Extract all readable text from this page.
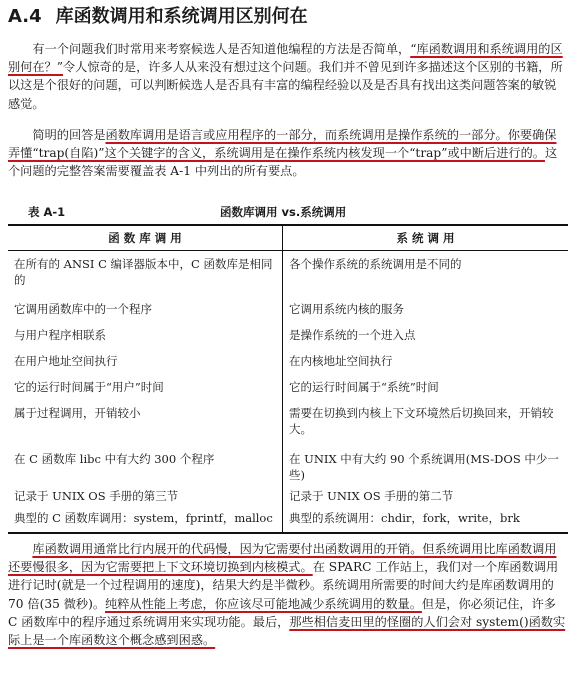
A.4 库函数调用和系统调用区别何在

有一个问题我们时常用来考察候选人是否知道他编程的方法是否简单，“库函数调用和系统调用的区别何在？”令人惊奇的是，许多人从来没有想过这个问题。我们并不曾见到许多描述这个区别的书籍，所以这是个很好的问题，可以判断候选人是否具有丰富的编程经验以及是否具有找出这类问题答案的敏锐感觉。

简明的回答是函数库调用是语言或应用程序的一部分，而系统调用是操作系统的一部分。你要确保弄懂“trap(自陷)”这个关键字的含义，系统调用是在操作系统内核发现一个“trap”或中断后进行的。这个问题的完整答案需要覆盖表 A-1 中列出的所有要点。

表 A-1	函数库调用 vs.系统调用
函 数 库 调 用	系 统 调 用
在所有的 ANSI C 编译器版本中，C 函数库是相同的	各个操作系统的系统调用是不同的
它调用函数库中的一个程序	它调用系统内核的服务
与用户程序相联系	是操作系统的一个进入点
在用户地址空间执行	在内核地址空间执行
它的运行时间属于“用户”时间	它的运行时间属于“系统”时间
属于过程调用，开销较小	需要在切换到内核上下文环境然后切换回来，开销较大。
在 C 函数库 libc 中有大约 300 个程序	在 UNIX 中有大约 90 个系统调用(MS-DOS 中少一些)
记录于 UNIX OS 手册的第三节	记录于 UNIX OS 手册的第二节
典型的 C 函数库调用：system，fprintf，malloc	典型的系统调用：chdir，fork，write，brk

库函数调用通常比行内展开的代码慢，因为它需要付出函数调用的开销。但系统调用比库函数调用还要慢很多，因为它需要把上下文环境切换到内核模式。在 SPARC 工作站上，我们对一个库函数调用进行记时(就是一个过程调用的速度)，结果大约是半微秒。系统调用所需要的时间大约是库函数调用的 70 倍(35 微秒)。纯粹从性能上考虑，你应该尽可能地减少系统调用的数量。但是，你必须记住，许多 C 函数库中的程序通过系统调用来实现功能。最后，那些相信麦田里的怪圈的人们会对 system()函数实际上是一个库函数这个概念感到困惑。
